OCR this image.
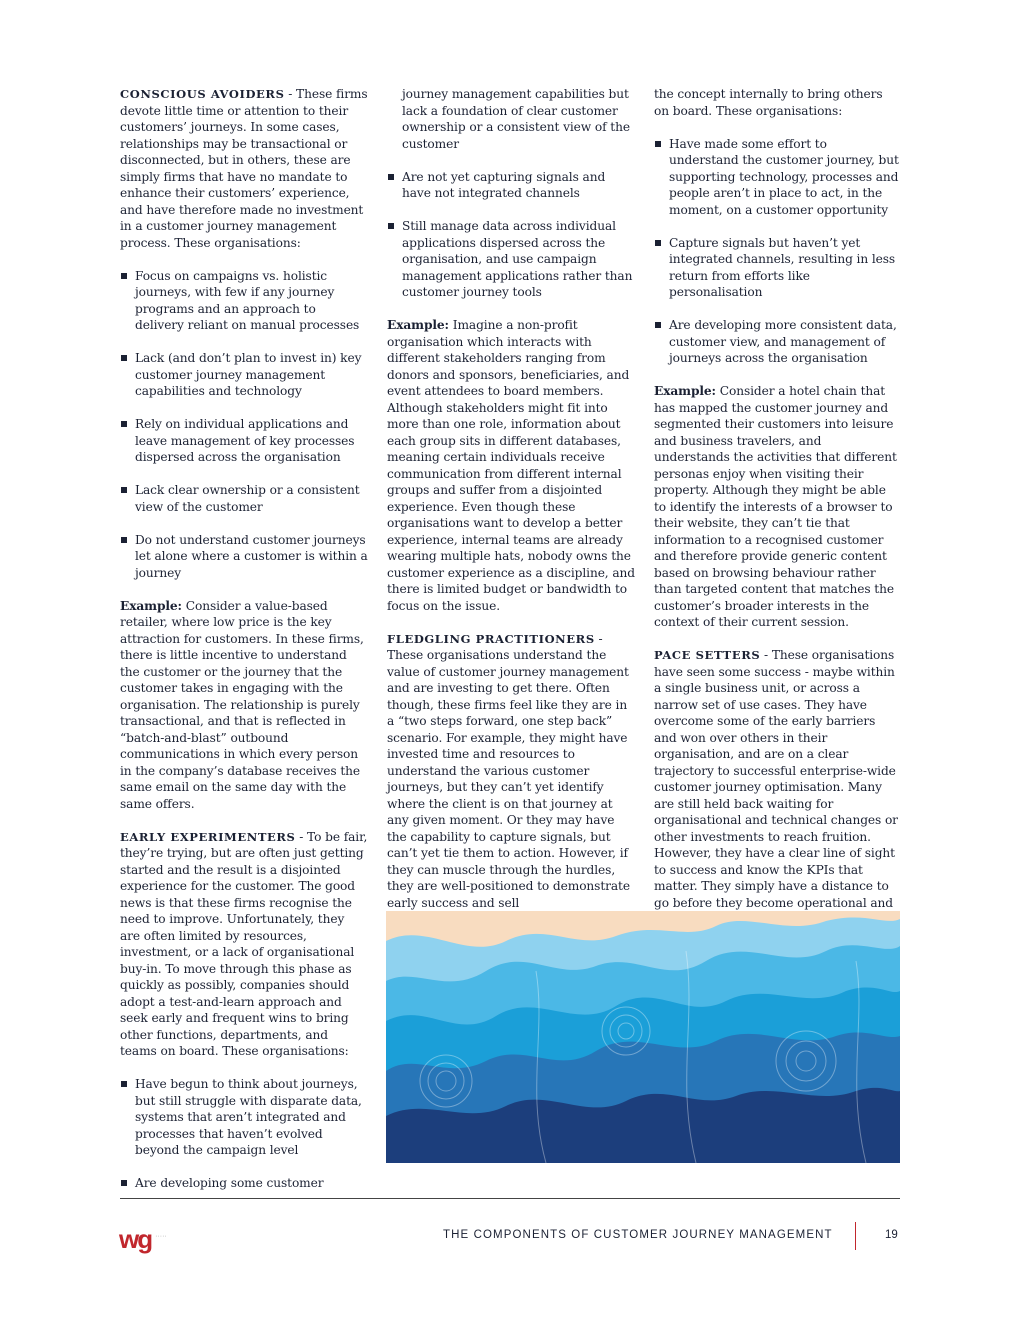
CONSCIOUS AVOIDERS - These firms devote little time or attention to their customers’ journeys. In some cases, relationships may be transactional or disconnected, but in others, these are simply firms that have no mandate to enhance their customers’ experience, and have therefore made no investment in a customer journey management process. These organisations:

Focus on campaigns vs. holistic journeys, with few if any journey programs and an approach to delivery reliant on manual processes
Lack (and don’t plan to invest in) key customer journey management capabilities and technology
Rely on individual applications and leave management of key processes dispersed across the organisation
Lack clear ownership or a consistent view of the customer
Do not understand customer journeys let alone where a customer is within a journey

Example: Consider a value-based retailer, where low price is the key attraction for customers. In these firms, there is little incentive to understand the customer or the journey that the customer takes in engaging with the organisation. The relationship is purely transactional, and that is reflected in “batch-and-blast” outbound communications in which every person in the company’s database receives the same email on the same day with the same offers.

EARLY EXPERIMENTERS - To be fair, they’re trying, but are often just getting started and the result is a disjointed experience for the customer. The good news is that these firms recognise the need to improve. Unfortunately, they are often limited by resources, investment, or a lack of organisational buy-in. To move through this phase as quickly as possibly, companies should adopt a test-and-learn approach and seek early and frequent wins to bring other functions, departments, and teams on board. These organisations:

Have begun to think about journeys, but still struggle with disparate data, systems that aren’t integrated and processes that haven’t evolved beyond the campaign level
Are developing some customer
journey management capabilities but lack a foundation of clear customer ownership or a consistent view of the customer
Are not yet capturing signals and have not integrated channels
Still manage data across individual applications dispersed across the organisation, and use campaign management applications rather than customer journey tools

Example: Imagine a non-profit organisation which interacts with different stakeholders ranging from donors and sponsors, beneficiaries, and event attendees to board members. Although stakeholders might fit into more than one role, information about each group sits in different databases, meaning certain individuals receive communication from different internal groups and suffer from a disjointed experience. Even though these organisations want to develop a better experience, internal teams are already wearing multiple hats, nobody owns the customer experience as a discipline, and there is limited budget or bandwidth to focus on the issue.

FLEDGLING PRACTITIONERS - These organisations understand the value of customer journey management and are investing to get there. Often though, these firms feel like they are in a “two steps forward, one step back” scenario. For example, they might have invested time and resources to understand the various customer journeys, but they can’t yet identify where the client is on that journey at any given moment. Or they may have the capability to capture signals, but can’t yet tie them to action. However, if they can muscle through the hurdles, they are well-positioned to demonstrate early success and sell

the concept internally to bring others on board. These organisations:

Have made some effort to understand the customer journey, but supporting technology, processes and people aren’t in place to act, in the moment, on a customer opportunity
Capture signals but haven’t yet integrated channels, resulting in less return from efforts like personalisation
Are developing more consistent data, customer view, and management of journeys across the organisation

Example: Consider a hotel chain that has mapped the customer journey and segmented their customers into leisure and business travelers, and understands the activities that different personas enjoy when visiting their property. Although they might be able to identify the interests of a browser to their website, they can’t tie that information to a recognised customer and therefore provide generic content based on browsing behaviour rather than targeted content that matches the customer’s broader interests in the context of their current session.

PACE SETTERS - These organisations have seen some success - maybe within a single business unit, or across a narrow set of use cases. They have overcome some of the early barriers and won over others in their organisation, and are on a clear trajectory to successful enterprise-wide customer journey optimisation. Many are still held back waiting for organisational and technical changes or other investments to reach fruition. However, they have a clear line of sight to success and know the KPIs that matter. They simply have a distance to go before they become operational and

wg ·····	THE COMPONENTS OF CUSTOMER JOURNEY MANAGEMENT	19
